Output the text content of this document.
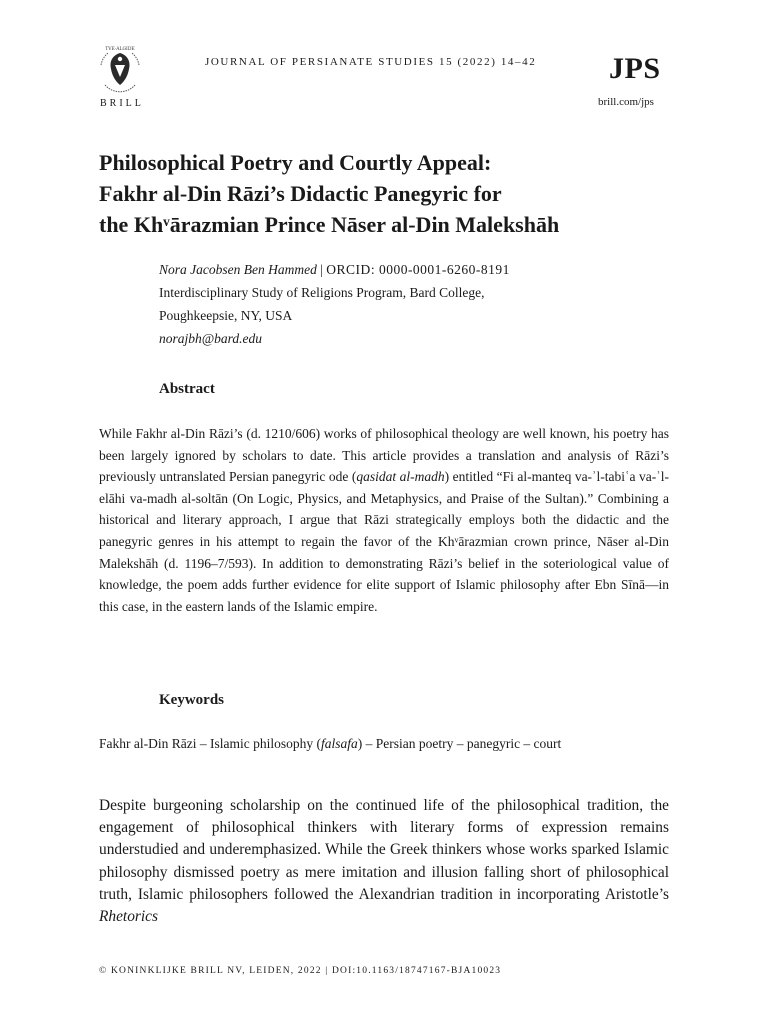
TVE·ALGIDE
BRILL
JOURNAL OF PERSIANATE STUDIES 15 (2022) 14–42 JPS
brill.com/jps
Philosophical Poetry and Courtly Appeal:
Fakhr al-Din Rāzi’s Didactic Panegyric for
the Khᵛārazmian Prince Nāser al-Din Malekshāh
Nora Jacobsen Ben Hammed | ORCID: 0000-0001-6260-8191
Interdisciplinary Study of Religions Program, Bard College,
Poughkeepsie, NY, USA
norajbh@bard.edu
Abstract
While Fakhr al-Din Rāzi’s (d. 1210/606) works of philosophical theology are well known, his poetry has been largely ignored by scholars to date. This article provides a translation and analysis of Rāzi’s previously untranslated Persian panegyric ode (qasidat al-madh) entitled “Fi al-manteq va-ʾl-tabiʿa va-ʾl-elāhi va-madh al-soltān (On Logic, Physics, and Metaphysics, and Praise of the Sultan).” Combining a historical and literary approach, I argue that Rāzi strategically employs both the didactic and the panegyric genres in his attempt to regain the favor of the Khᵛārazmian crown prince, Nāser al-Din Malekshāh (d. 1196–7/593). In addition to demonstrating Rāzi’s belief in the soteriological value of knowledge, the poem adds further evidence for elite support of Islamic philosophy after Ebn Sīnā—in this case, in the eastern lands of the Islamic empire.
Keywords
Fakhr al-Din Rāzi – Islamic philosophy (falsafa) – Persian poetry – panegyric – court
Despite burgeoning scholarship on the continued life of the philosophical tradition, the engagement of philosophical thinkers with literary forms of expression remains understudied and underemphasized. While the Greek thinkers whose works sparked Islamic philosophy dismissed poetry as mere imitation and illusion falling short of philosophical truth, Islamic philosophers followed the Alexandrian tradition in incorporating Aristotle’s Rhetorics
© KONINKLIJKE BRILL NV, LEIDEN, 2022 | DOI:10.1163/18747167-BJA10023
